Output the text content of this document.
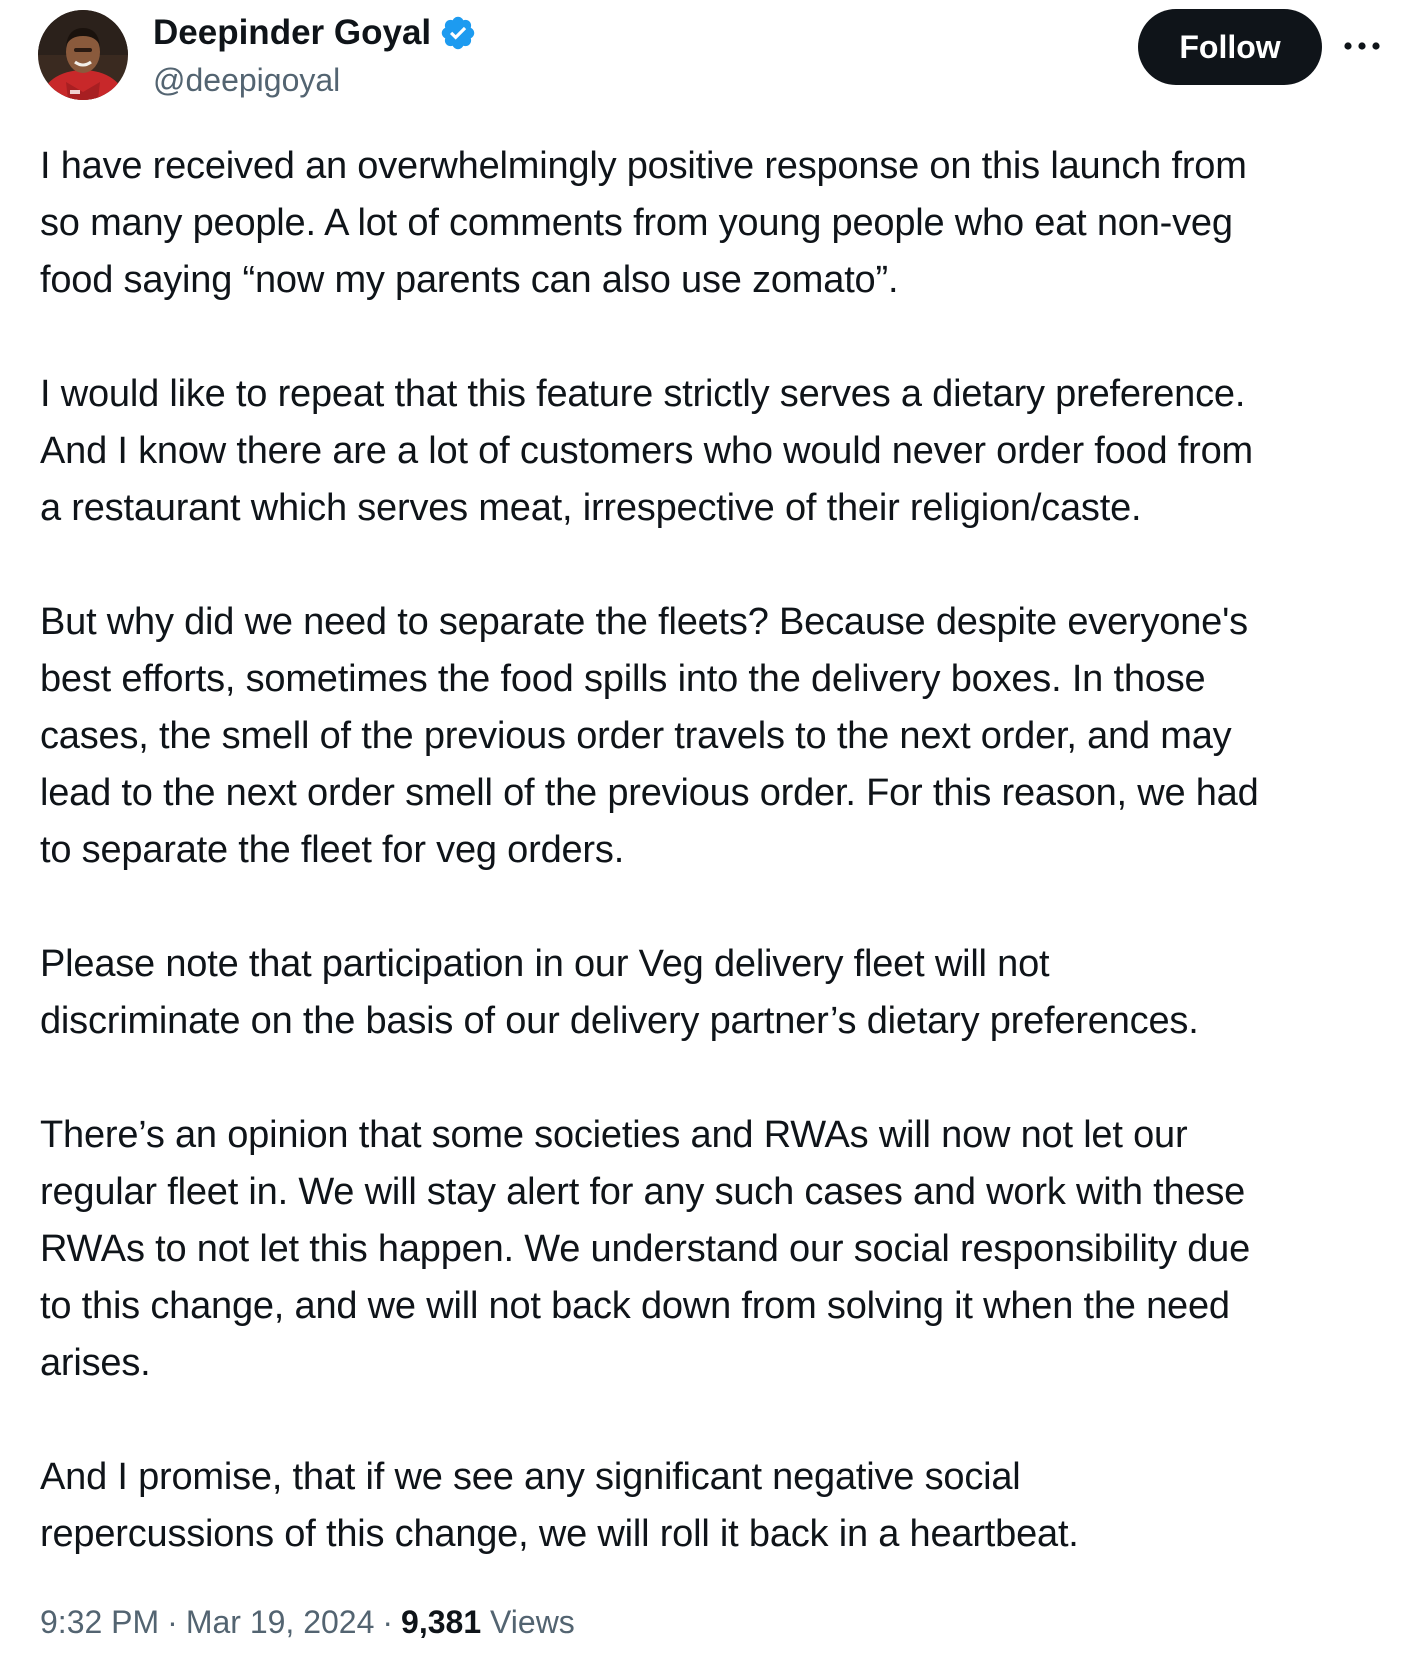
Deepinder Goyal
@deepigoyal
Follow

I have received an overwhelmingly positive response on this launch from
so many people. A lot of comments from young people who eat non-veg
food saying “now my parents can also use zomato”.

I would like to repeat that this feature strictly serves a dietary preference.
And I know there are a lot of customers who would never order food from
a restaurant which serves meat, irrespective of their religion/caste.

But why did we need to separate the fleets? Because despite everyone's
best efforts, sometimes the food spills into the delivery boxes. In those
cases, the smell of the previous order travels to the next order, and may
lead to the next order smell of the previous order. For this reason, we had
to separate the fleet for veg orders.

Please note that participation in our Veg delivery fleet will not
discriminate on the basis of our delivery partner’s dietary preferences.

There’s an opinion that some societies and RWAs will now not let our
regular fleet in. We will stay alert for any such cases and work with these
RWAs to not let this happen. We understand our social responsibility due
to this change, and we will not back down from solving it when the need
arises.

And I promise, that if we see any significant negative social
repercussions of this change, we will roll it back in a heartbeat.

9:32 PM · Mar 19, 2024 · 9,381 Views
